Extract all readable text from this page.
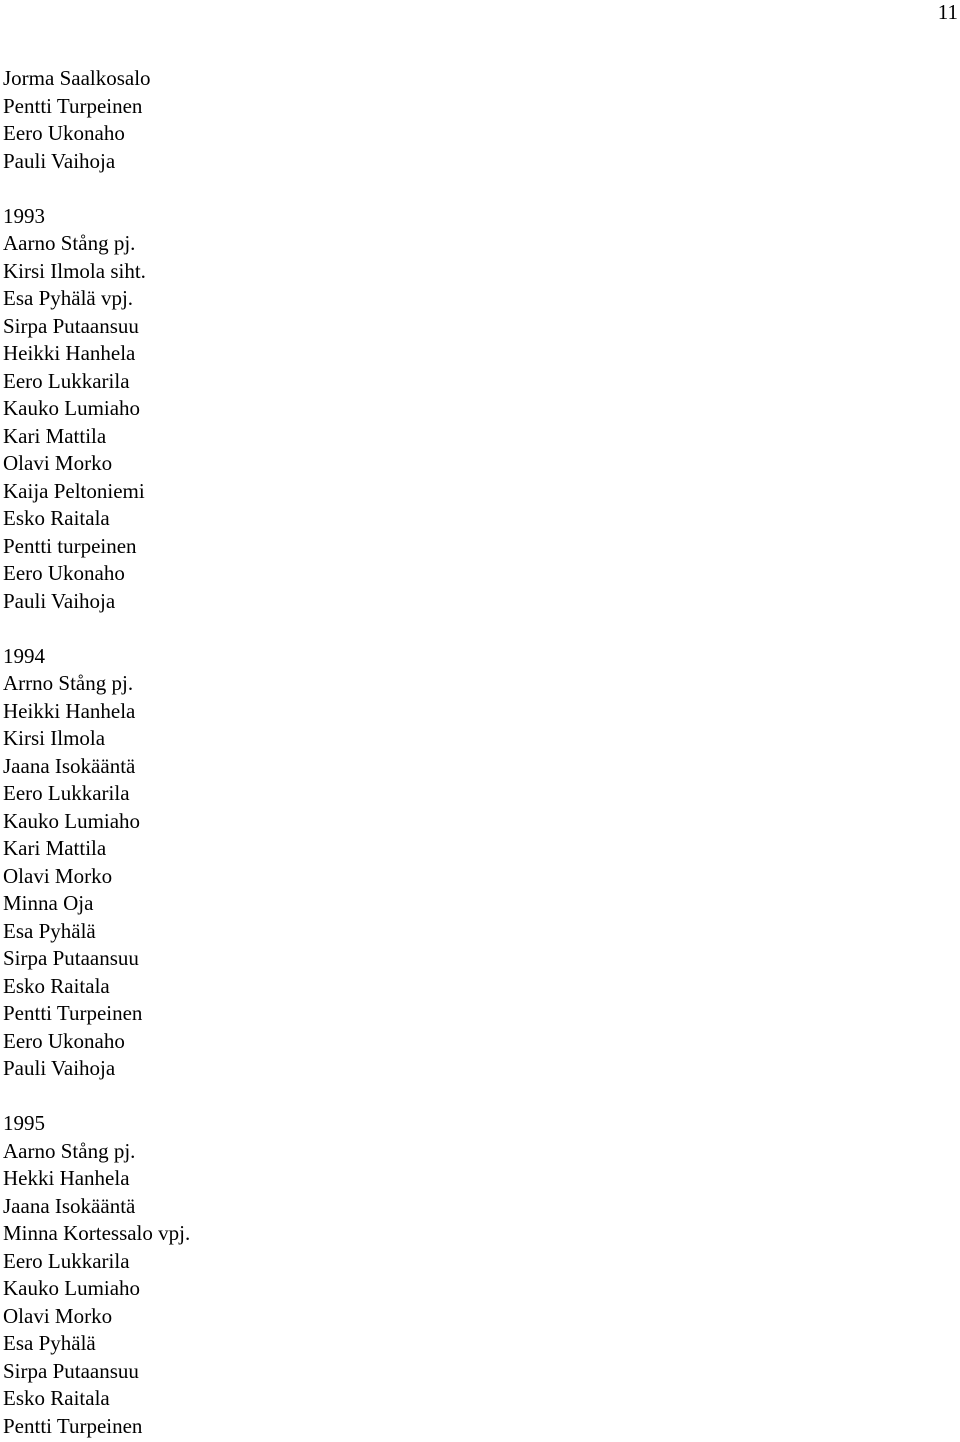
11
Jorma Saalkosalo
Pentti Turpeinen
Eero Ukonaho
Pauli Vaihoja
1993
Aarno Stång pj.
Kirsi Ilmola siht.
Esa Pyhälä vpj.
Sirpa Putaansuu
Heikki Hanhela
Eero Lukkarila
Kauko Lumiaho
Kari Mattila
Olavi Morko
Kaija Peltoniemi
Esko Raitala
Pentti turpeinen
Eero Ukonaho
Pauli Vaihoja
1994
Arrno Stång pj.
Heikki Hanhela
Kirsi Ilmola
Jaana Isokääntä
Eero Lukkarila
Kauko Lumiaho
Kari Mattila
Olavi Morko
Minna Oja
Esa Pyhälä
Sirpa Putaansuu
Esko Raitala
Pentti Turpeinen
Eero Ukonaho
Pauli Vaihoja
1995
Aarno Stång pj.
Hekki Hanhela
Jaana Isokääntä
Minna Kortessalo vpj.
Eero Lukkarila
Kauko Lumiaho
Olavi Morko
Esa Pyhälä
Sirpa Putaansuu
Esko Raitala
Pentti Turpeinen
